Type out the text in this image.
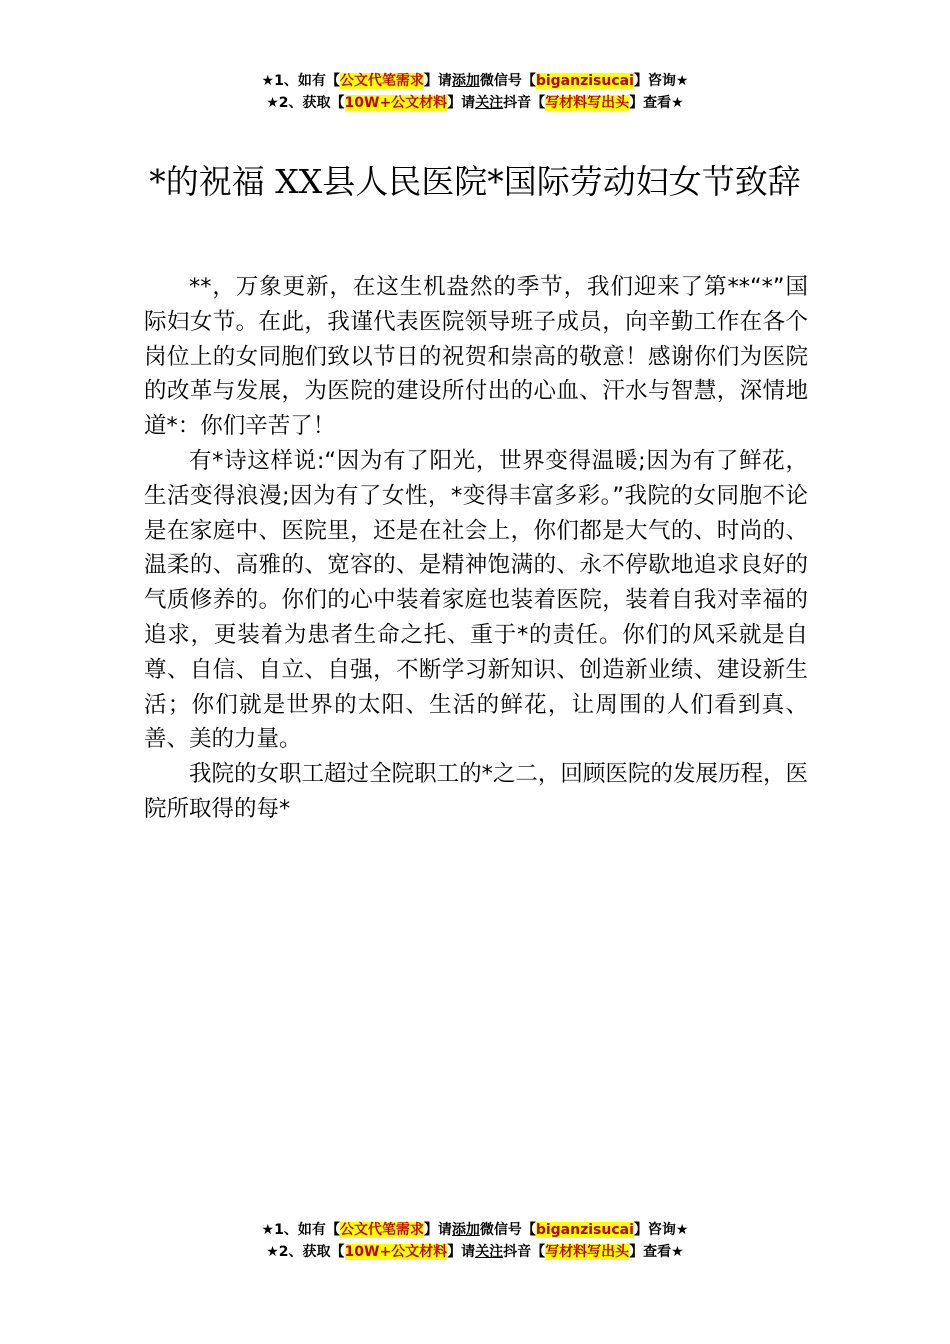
★1、如有【公文代笔需求】请添加微信号【biganzisucai】咨询★
★2、获取【10W+公文材料】请关注抖音【写材料写出头】查看★
*的祝福 XX县人民医院*国际劳动妇女节致辞

**，万象更新，在这生机盎然的季节，我们迎来了第**“*”国际妇女节。在此，我谨代表医院领导班子成员，向辛勤工作在各个岗位上的女同胞们致以节日的祝贺和崇高的敬意！感谢你们为医院的改革与发展，为医院的建设所付出的心血、汗水与智慧，深情地道*：你们辛苦了！

有*诗这样说:“因为有了阳光，世界变得温暖;因为有了鲜花，生活变得浪漫;因为有了女性，*变得丰富多彩。”我院的女同胞不论是在家庭中、医院里，还是在社会上，你们都是大气的、时尚的、温柔的、高雅的、宽容的、是精神饱满的、永不停歇地追求良好的气质修养的。你们的心中装着家庭也装着医院，装着自我对幸福的追求，更装着为患者生命之托、重于*的责任。你们的风采就是自尊、自信、自立、自强，不断学习新知识、创造新业绩、建设新生活；你们就是世界的太阳、生活的鲜花，让周围的人们看到真、善、美的力量。

我院的女职工超过全院职工的*之二，回顾医院的发展历程，医院所取得的每*

★1、如有【公文代笔需求】请添加微信号【biganzisucai】咨询★
★2、获取【10W+公文材料】请关注抖音【写材料写出头】查看★
